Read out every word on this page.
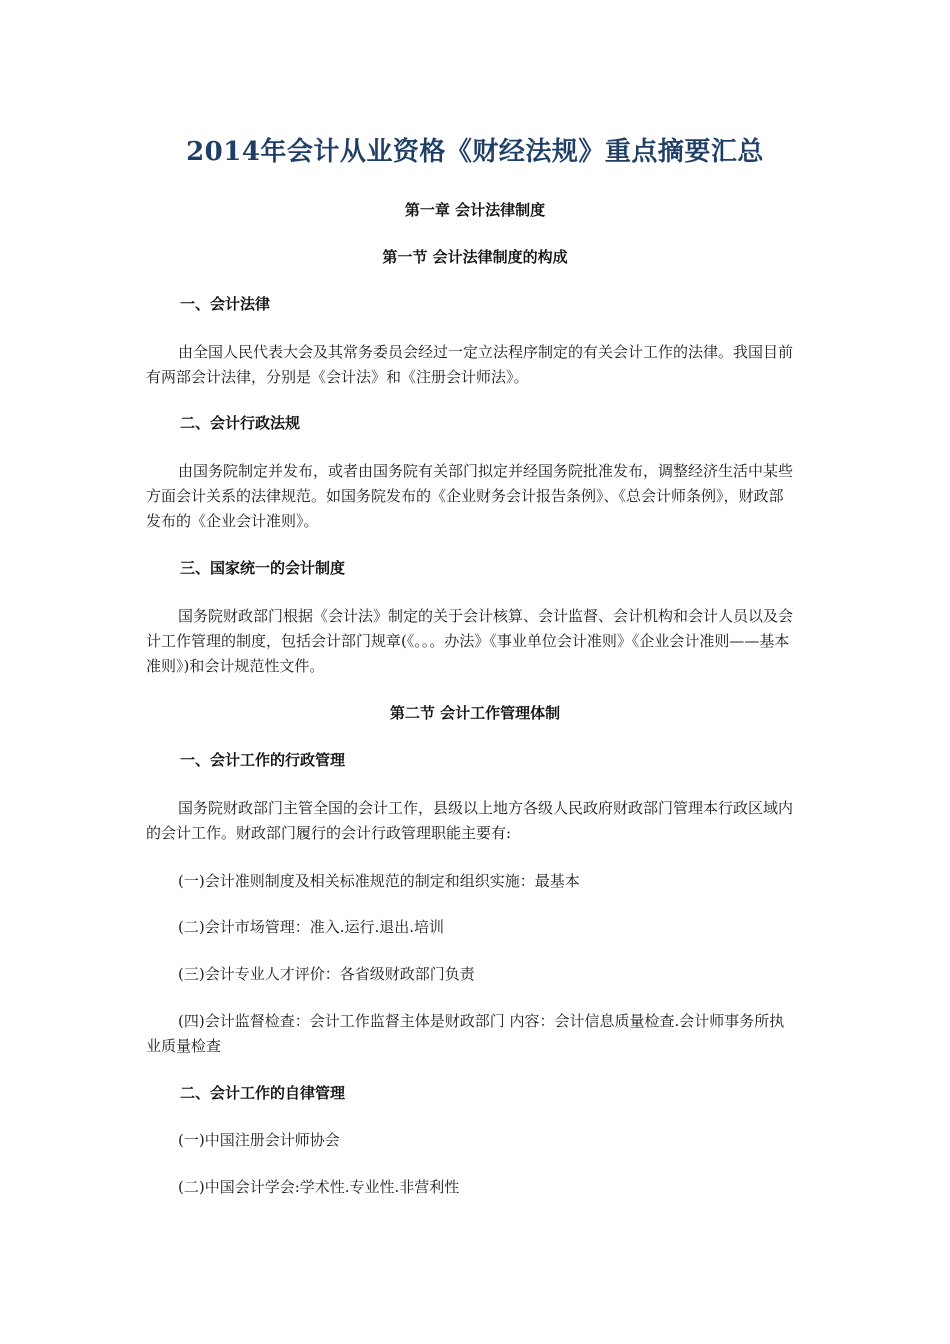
2014年会计从业资格《财经法规》重点摘要汇总
第一章 会计法律制度
第一节 会计法律制度的构成
一、会计法律

由全国人民代表大会及其常务委员会经过一定立法程序制定的有关会计工作的法律。我国目前有两部会计法律，分别是《会计法》和《注册会计师法》。

二、会计行政法规

由国务院制定并发布，或者由国务院有关部门拟定并经国务院批准发布，调整经济生活中某些方面会计关系的法律规范。如国务院发布的《企业财务会计报告条例》、《总会计师条例》，财政部发布的《企业会计准则》。

三、国家统一的会计制度

国务院财政部门根据《会计法》制定的关于会计核算、会计监督、会计机构和会计人员以及会计工作管理的制度，包括会计部门规章(《。。。办法》《事业单位会计准则》《企业会计准则——基本准则》)和会计规范性文件。

第二节 会计工作管理体制
一、会计工作的行政管理

国务院财政部门主管全国的会计工作，县级以上地方各级人民政府财政部门管理本行政区域内的会计工作。财政部门履行的会计行政管理职能主要有:

(一)会计准则制度及相关标准规范的制定和组织实施：最基本

(二)会计市场管理：准入.运行.退出.培训

(三)会计专业人才评价：各省级财政部门负责

(四)会计监督检查：会计工作监督主体是财政部门 内容：会计信息质量检查.会计师事务所执业质量检查

二、会计工作的自律管理

(一)中国注册会计师协会

(二)中国会计学会:学术性.专业性.非营利性
